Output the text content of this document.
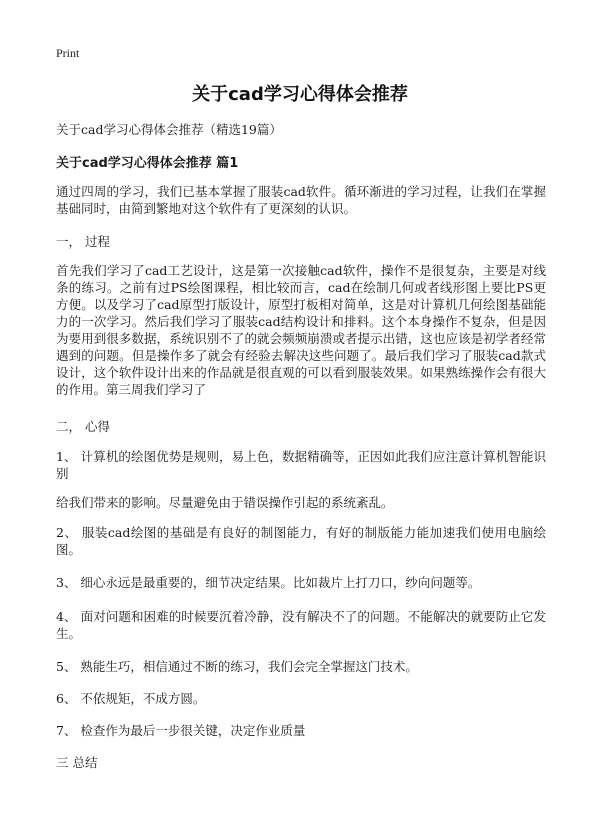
Print
关于cad学习心得体会推荐
关于cad学习心得体会推荐（精选19篇）
关于cad学习心得体会推荐 篇1
通过四周的学习，我们已基本掌握了服装cad软件。循环渐进的学习过程，让我们在掌握基础同时，由简到繁地对这个软件有了更深刻的认识。
一， 过程
首先我们学习了cad工艺设计，这是第一次接触cad软件，操作不是很复杂，主要是对线条的练习。之前有过PS绘图课程，相比较而言，cad在绘制几何或者线形图上要比PS更方便。以及学习了cad原型打版设计，原型打板相对简单，这是对计算机几何绘图基础能力的一次学习。然后我们学习了服装cad结构设计和排料。这个本身操作不复杂，但是因为要用到很多数据，系统识别不了的就会频频崩溃或者提示出错，这也应该是初学者经常遇到的问题。但是操作多了就会有经验去解决这些问题了。最后我们学习了服装cad款式设计，这个软件设计出来的作品就是很直观的可以看到服装效果。如果熟练操作会有很大的作用。第三周我们学习了
二， 心得
1、 计算机的绘图优势是规则，易上色，数据精确等，正因如此我们应注意计算机智能识别
给我们带来的影响。尽量避免由于错误操作引起的系统紊乱。
2、 服装cad绘图的基础是有良好的制图能力，有好的制版能力能加速我们使用电脑绘图。
3、 细心永远是最重要的，细节决定结果。比如裁片上打刀口，纱向问题等。
4、 面对问题和困难的时候要沉着冷静，没有解决不了的问题。不能解决的就要防止它发生。
5、 熟能生巧，相信通过不断的练习，我们会完全掌握这门技术。
6、 不依规矩，不成方圆。
7、 检查作为最后一步很关键，决定作业质量
三 总结
